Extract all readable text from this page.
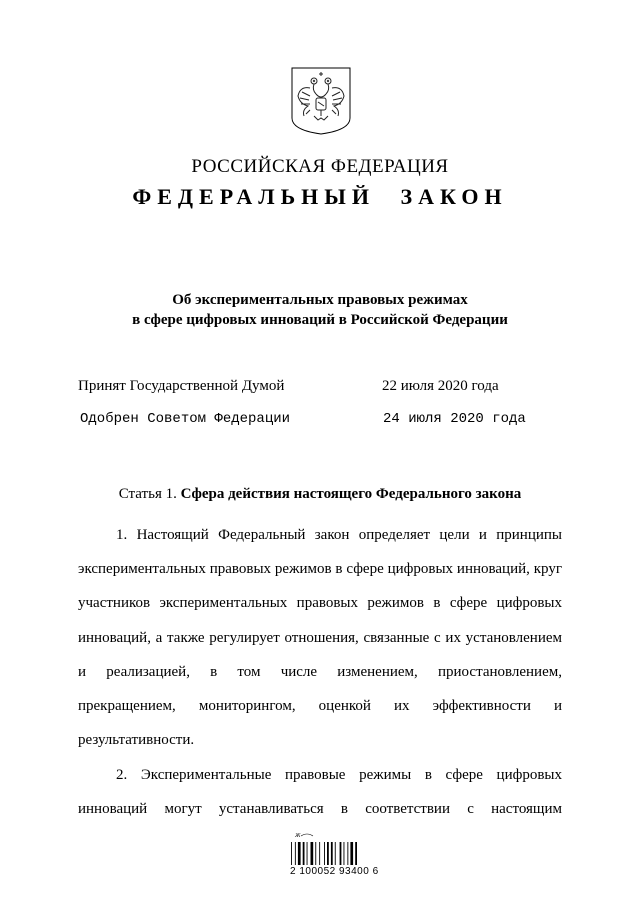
РОССИЙСКАЯ ФЕДЕРАЦИЯ
ФЕДЕРАЛЬНЫЙ ЗАКОН
Об экспериментальных правовых режимах
в сфере цифровых инноваций в Российской Федерации
Принят Государственной Думой	22 июля 2020 года
Одобрен Советом Федерации	24 июля 2020 года
Статья 1. Сфера действия настоящего Федерального закона
1. Настоящий Федеральный закон определяет цели и принципы экспериментальных правовых режимов в сфере цифровых инноваций, круг участников экспериментальных правовых режимов в сфере цифровых инноваций, а также регулирует отношения, связанные с их установлением и реализацией, в том числе изменением, приостановлением, прекращением, мониторингом, оценкой их эффективности и результативности.
2. Экспериментальные правовые режимы в сфере цифровых инноваций могут устанавливаться в соответствии с настоящим
Ж
2 100052 93400 6
